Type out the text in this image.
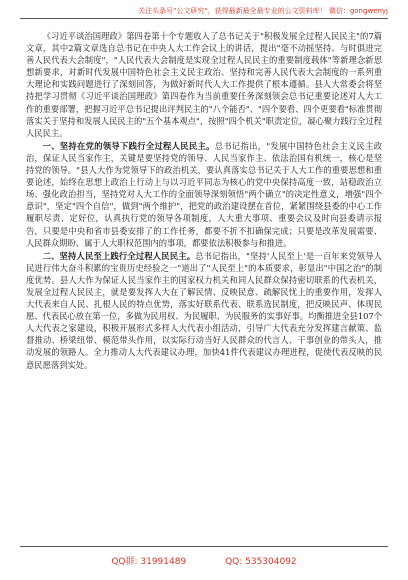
关注头条号"公文研究"，获得最新最全最专业的公文资料库！ 微信：gongwenyj

《习近平谈治国理政》第四卷第十个专题收入了总书记关于"积极发展全过程人民民主"的7篇文章，其中2篇文章选自总书记在中央人大工作会议上的讲话，提出"毫不动摇坚持、与时俱进完善人民代表大会制度"，"人民代表大会制度是实现全过程人民民主的重要制度载体"等新理念新思想新要求，对新时代发展中国特色社会主义民主政治、坚持和完善人民代表大会制度的一系列重大理论和实践问题进行了深刻回答，为做好新时代人大工作提供了根本遵循。县人大常委会将坚持把学习贯彻《习近平谈治国理政》第四卷作为当前重要任务深刻领会总书记重要论述对人大工作的重要部署，把握习近平总书记提出评判民主的"八个能否"、"四个要看、四个更要看"标准贯彻落实关于坚持和发展人民民主的"五个基本观点"，按照"四个机关"职责定位，凝心聚力践行全过程人民民主。

一、坚持在党的领导下践行全过程人民民主。总书记指出，"发展中国特色社会主义民主政治，保证人民当家作主，关键是要坚持党的领导、人民当家作主、依法治国有机统一，核心是坚持党的领导。"县人大作为党领导下的政治机关，要认真落实总书记关于人大工作的重要思想和重要论述，始终在思想上政治上行动上与以习近平同志为核心的党中央保持高度一致，站稳政治立场、强化政治担当，坚持党对人大工作的全面领导深刻领悟"两个确立"的决定性意义，增强"四个意识"，坚定"四个自信"，做到"两个维护"，把党的政治建设摆在首位，紧紧围绕县委的中心工作履职尽责、定好位，认真执行党的领导各项制度，人大重大事项、重要会议及时向县委请示报告，只要是中央和省市县委安排了的工作任务，都要不折不扣确保完成；只要是改革发展需要、人民群众期盼、属于人大职权范围内的事项，都要依法积极参与和推进。

二、坚持人民至上践行全过程人民民主。总书记指出，"坚持'人民至上'是一百年来党领导人民进行伟大奋斗积累的宝贵历史经验之一"道出了"人民至上"的本质要求，彰显出"中国之治"的制度优势。县人大作为保证人民当家作主的国家权力机关和同人民群众保持密切联系的代表机关，发展全过程人民民主，就是要发挥人大在了解民情、反映民意、疏解民忧上的重要作用，发挥人大代表来自人民、扎根人民的特点优势，落实好联系代表、联系选民制度，把反映民声、体现民愿、代表民心放在第一位，多做为民用权、为民履职、为民服务的实事好事。均衡推进全县107个人大代表之家建设，积极开展形式多样人大代表小组活动，引导广大代表充分发挥建言献策、监督推动、桥梁纽带、模范带头作用，以实际行动当好人民群众的代言人、干事创业的带头人，推动发展的领路人。全力推动人大代表建议办理，加快41件代表建议办理进程，促使代表反映的民意民愿落到实处。

QQ群: 31991489	QQ: 535304092
